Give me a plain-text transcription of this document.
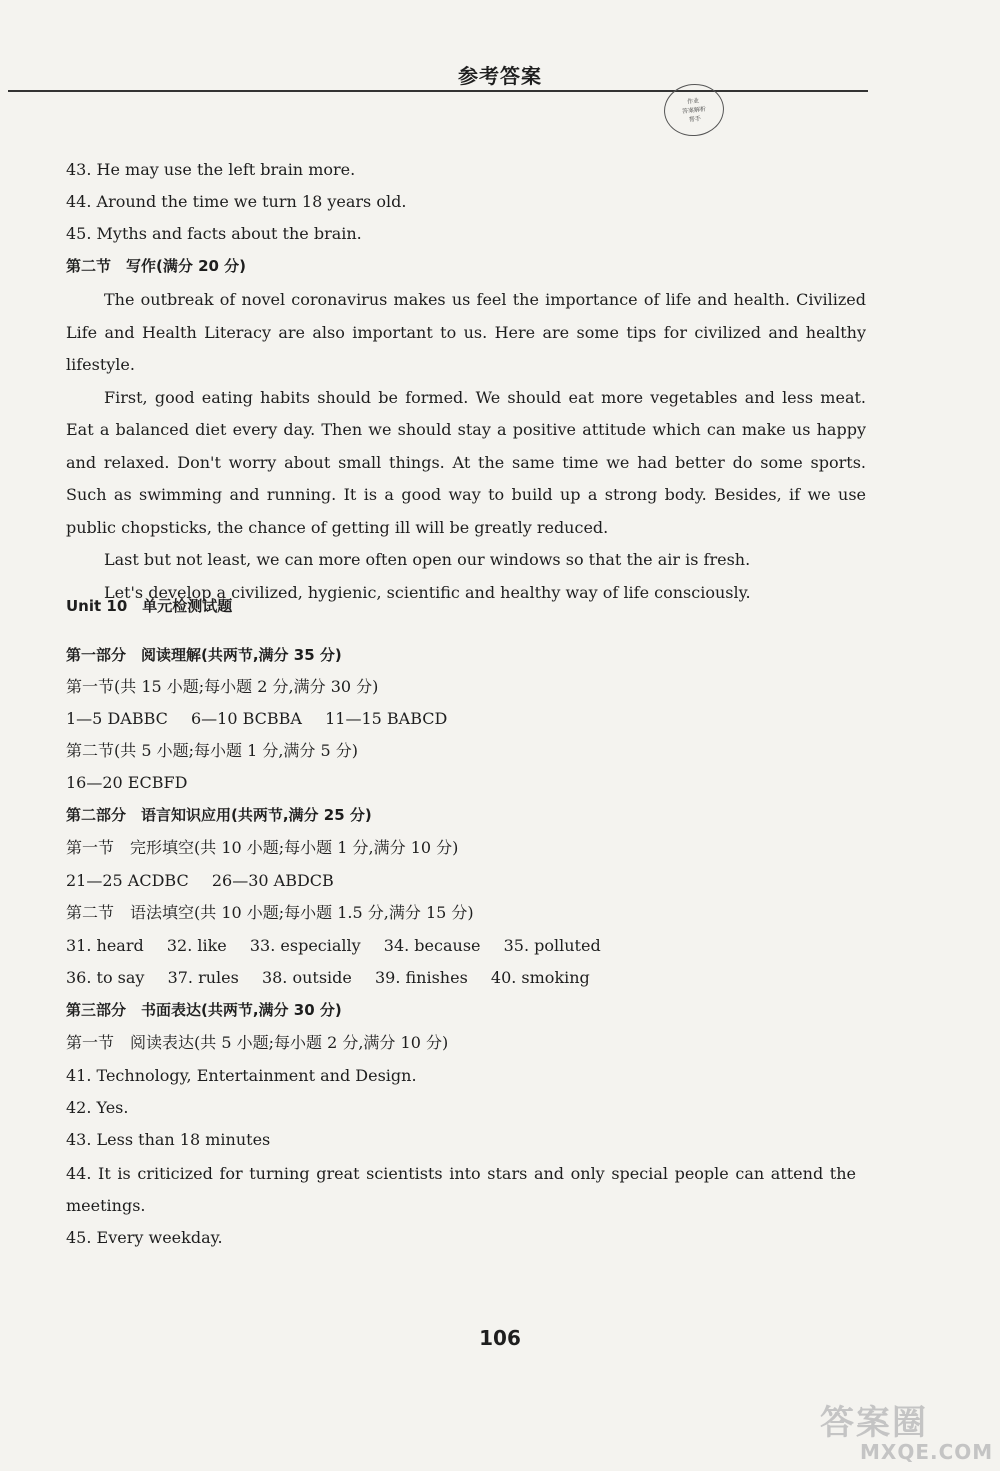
参考答案
作业
答案解析
帮手
43. He may use the left brain more.
44. Around the time we turn 18 years old.
45. Myths and facts about the brain.
第二节　写作(满分 20 分)

The outbreak of novel coronavirus makes us feel the importance of life and health. Civilized Life and Health Literacy are also important to us. Here are some tips for civilized and healthy lifestyle.

First, good eating habits should be formed. We should eat more vegetables and less meat. Eat a balanced diet every day. Then we should stay a positive attitude which can make us happy and relaxed. Don't worry about small things. At the same time we had better do some sports. Such as swimming and running. It is a good way to build up a strong body. Besides, if we use public chopsticks, the chance of getting ill will be greatly reduced.

Last but not least, we can more often open our windows so that the air is fresh.

Let's develop a civilized, hygienic, scientific and healthy way of life consciously.

Unit 10　单元检测试题
第一部分　阅读理解(共两节,满分 35 分)
第一节(共 15 小题;每小题 2 分,满分 30 分)
1—5 DABBC 6—10 BCBBA 11—15 BABCD
第二节(共 5 小题;每小题 1 分,满分 5 分)
16—20 ECBFD
第二部分　语言知识应用(共两节,满分 25 分)
第一节　完形填空(共 10 小题;每小题 1 分,满分 10 分)
21—25 ACDBC 26—30 ABDCB
第二节　语法填空(共 10 小题;每小题 1.5 分,满分 15 分)
31. heard 32. like 33. especially 34. because 35. polluted
36. to say 37. rules 38. outside 39. finishes 40. smoking
第三部分　书面表达(共两节,满分 30 分)
第一节　阅读表达(共 5 小题;每小题 2 分,满分 10 分)
41. Technology, Entertainment and Design.
42. Yes.
43. Less than 18 minutes
44. It is criticized for turning great scientists into stars and only special people can attend the meetings.
45. Every weekday.
106
答案圈
MXQE.COM
